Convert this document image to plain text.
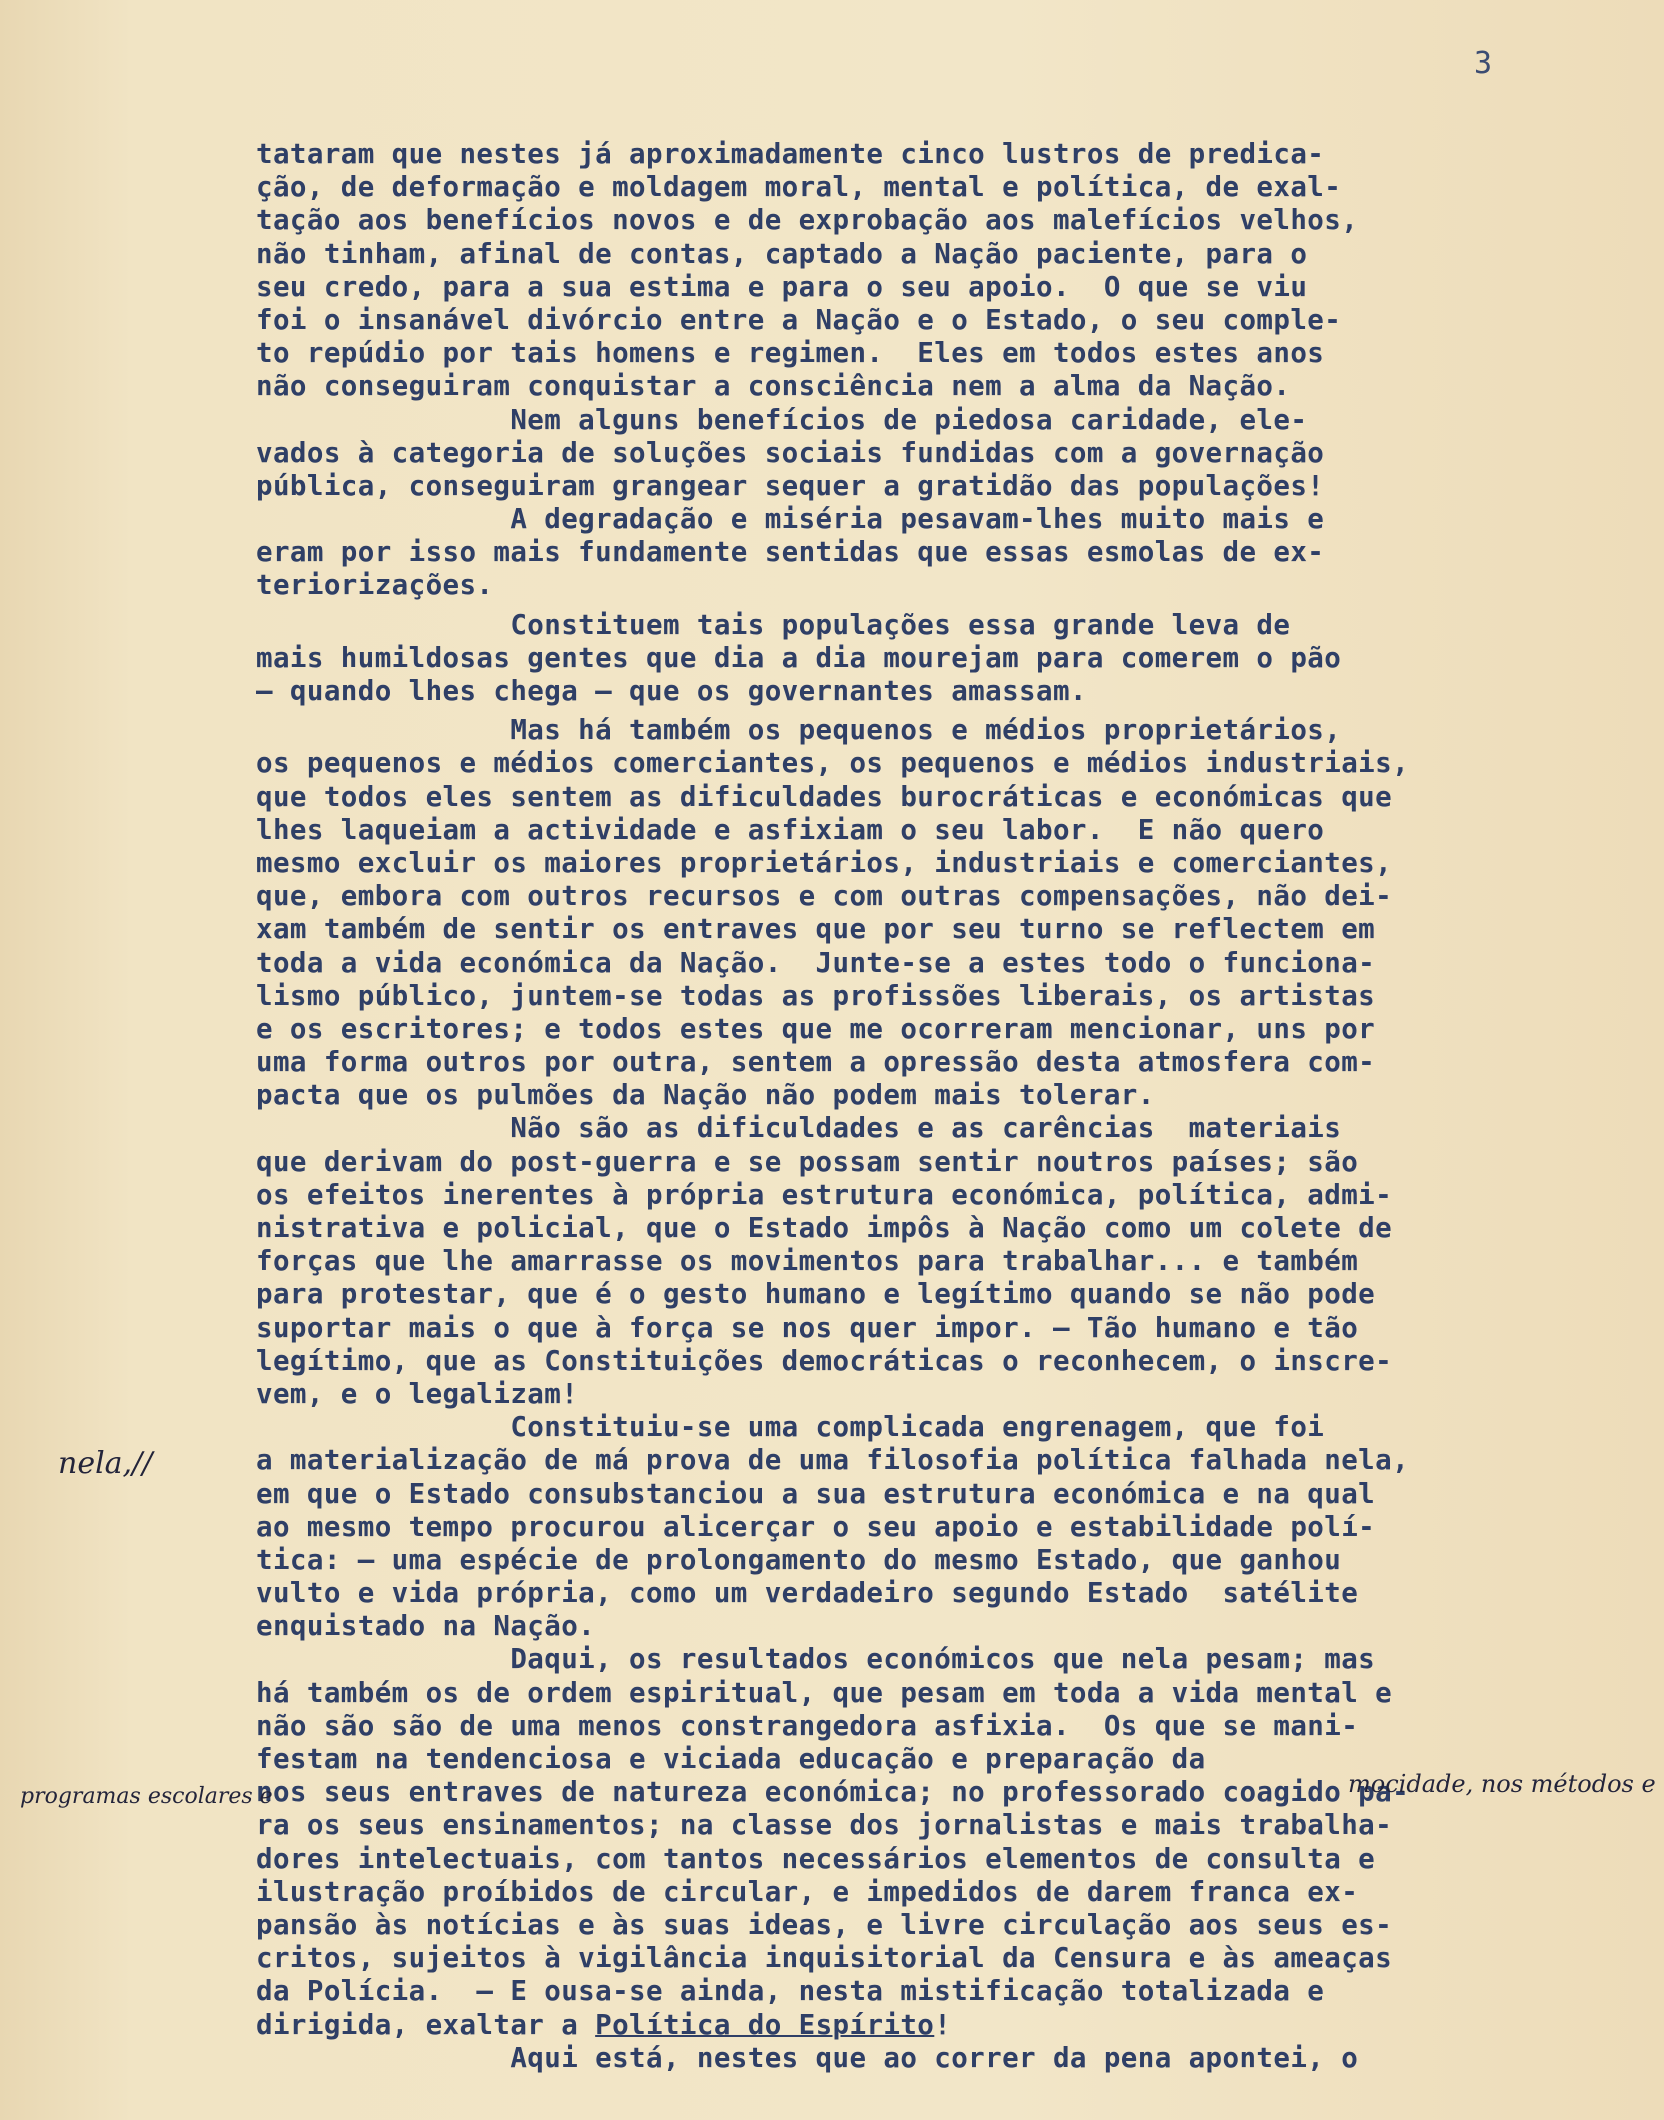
3
tataram que nestes já aproximadamente cinco lustros de predica-
ção, de deformação e moldagem moral, mental e política, de exal-
tação aos benefícios novos e de exprobação aos malefícios velhos,
não tinham, afinal de contas, captado a Nação paciente, para o
seu credo, para a sua estima e para o seu apoio.  O que se viu
foi o insanável divórcio entre a Nação e o Estado, o seu comple-
to repúdio por tais homens e regimen.  Eles em todos estes anos
não conseguiram conquistar a consciência nem a alma da Nação.
Nem alguns benefícios de piedosa caridade, ele-
vados à categoria de soluções sociais fundidas com a governação
pública, conseguiram grangear sequer a gratidão das populações!
A degradação e miséria pesavam-lhes muito mais e
eram por isso mais fundamente sentidas que essas esmolas de ex-
teriorizações.
Constituem tais populações essa grande leva de
mais humildosas gentes que dia a dia mourejam para comerem o pão
— quando lhes chega — que os governantes amassam.
Mas há também os pequenos e médios proprietários,
os pequenos e médios comerciantes, os pequenos e médios industriais,
que todos eles sentem as dificuldades burocráticas e económicas que
lhes laqueiam a actividade e asfixiam o seu labor.  E não quero
mesmo excluir os maiores proprietários, industriais e comerciantes,
que, embora com outros recursos e com outras compensações, não dei-
xam também de sentir os entraves que por seu turno se reflectem em
toda a vida económica da Nação.  Junte-se a estes todo o funciona-
lismo público, juntem-se todas as profissões liberais, os artistas
e os escritores; e todos estes que me ocorreram mencionar, uns por
uma forma outros por outra, sentem a opressão desta atmosfera com-
pacta que os pulmões da Nação não podem mais tolerar.
Não são as dificuldades e as carências  materiais
que derivam do post-guerra e se possam sentir noutros países; são
os efeitos inerentes à própria estrutura económica, política, admi-
nistrativa e policial, que o Estado impôs à Nação como um colete de
forças que lhe amarrasse os movimentos para trabalhar... e também
para protestar, que é o gesto humano e legítimo quando se não pode
suportar mais o que à força se nos quer impor. — Tão humano e tão
legítimo, que as Constituições democráticas o reconhecem, o inscre-
vem, e o legalizam!
Constituiu-se uma complicada engrenagem, que foi
a materialização de má prova de uma filosofia política falhada nela,
em que o Estado consubstanciou a sua estrutura económica e na qual
ao mesmo tempo procurou alicerçar o seu apoio e estabilidade polí-
tica: — uma espécie de prolongamento do mesmo Estado, que ganhou
vulto e vida própria, como um verdadeiro segundo Estado  satélite
enquistado na Nação.
Daqui, os resultados económicos que nela pesam; mas
há também os de ordem espiritual, que pesam em toda a vida mental e
não são são de uma menos constrangedora asfixia.  Os que se mani-
festam na tendenciosa e viciada educação e preparação da
nos seus entraves de natureza económica; no professorado coagido pa-
ra os seus ensinamentos; na classe dos jornalistas e mais trabalha-
dores intelectuais, com tantos necessários elementos de consulta e
ilustração proíbidos de circular, e impedidos de darem franca ex-
pansão às notícias e às suas ideas, e livre circulação aos seus es-
critos, sujeitos à vigilância inquisitorial da Censura e às ameaças
da Polícia.  — E ousa-se ainda, nesta mistificação totalizada e
dirigida, exaltar a Política do Espírito!
Aqui está, nestes que ao correr da pena apontei, o
nela,//
programas escolares e	mocidade, nos métodos e
